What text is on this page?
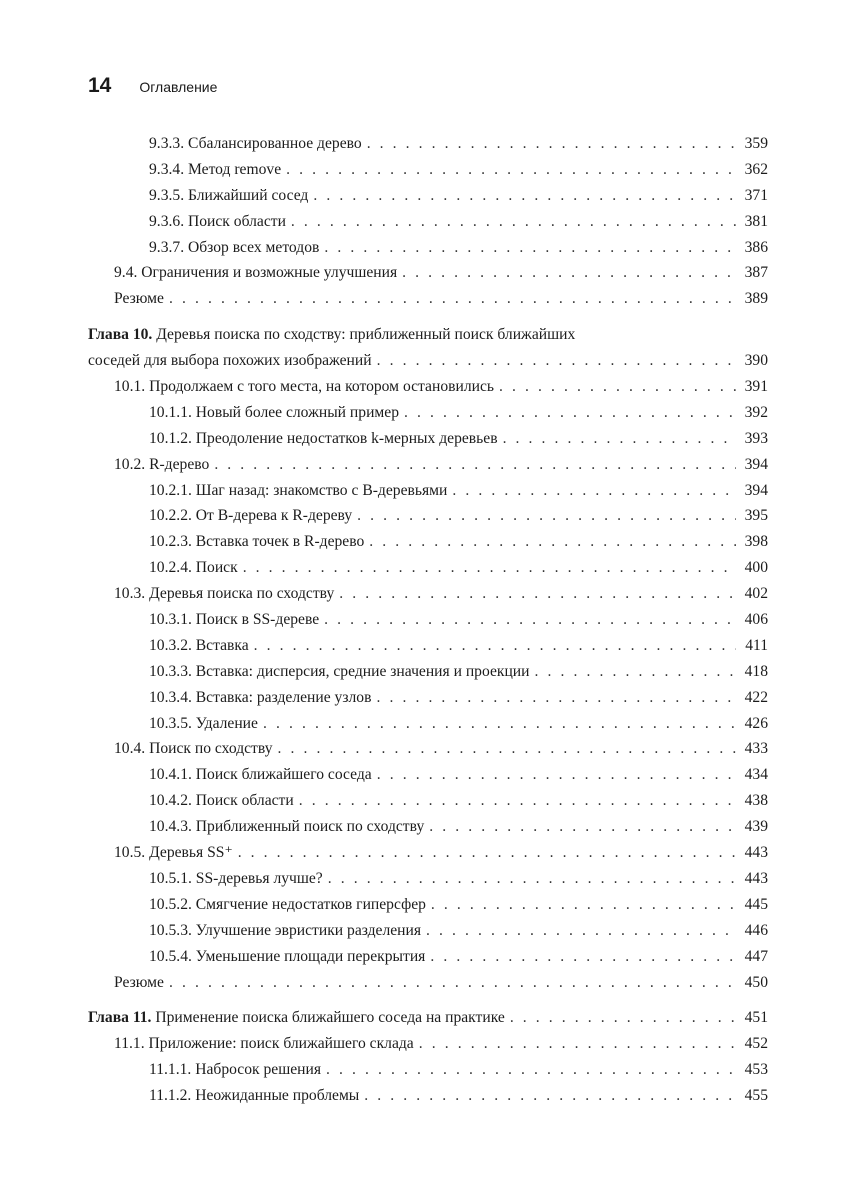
14 Оглавление
9.3.3. Сбалансированное дерево . . .	359
9.3.4. Метод remove . . .	362
9.3.5. Ближайший сосед . . .	371
9.3.6. Поиск области . . .	381
9.3.7. Обзор всех методов . . .	386
9.4. Ограничения и возможные улучшения . . .	387
Резюме . . .	389
Глава 10. Деревья поиска по сходству: приближенный поиск ближайших
соседей для выбора похожих изображений . . .	390
10.1. Продолжаем с того места, на котором остановились . . .	391
10.1.1. Новый более сложный пример . . .	392
10.1.2. Преодоление недостатков k-мерных деревьев . . .	393
10.2. R-дерево . . .	394
10.2.1. Шаг назад: знакомство с B-деревьями . . .	394
10.2.2. От B-дерева к R-дереву . . .	395
10.2.3. Вставка точек в R-дерево . . .	398
10.2.4. Поиск . . .	400
10.3. Деревья поиска по сходству . . .	402
10.3.1. Поиск в SS-дереве . . .	406
10.3.2. Вставка . . .	411
10.3.3. Вставка: дисперсия, средние значения и проекции . . .	418
10.3.4. Вставка: разделение узлов . . .	422
10.3.5. Удаление . . .	426
10.4. Поиск по сходству . . .	433
10.4.1. Поиск ближайшего соседа . . .	434
10.4.2. Поиск области . . .	438
10.4.3. Приближенный поиск по сходству . . .	439
10.5. Деревья SS⁺ . . .	443
10.5.1. SS-деревья лучше? . . .	443
10.5.2. Смягчение недостатков гиперсфер . . .	445
10.5.3. Улучшение эвристики разделения . . .	446
10.5.4. Уменьшение площади перекрытия . . .	447
Резюме . . .	450
Глава 11. Применение поиска ближайшего соседа на практике . . .	451
11.1. Приложение: поиск ближайшего склада . . .	452
11.1.1. Набросок решения . . .	453
11.1.2. Неожиданные проблемы . . .	455
